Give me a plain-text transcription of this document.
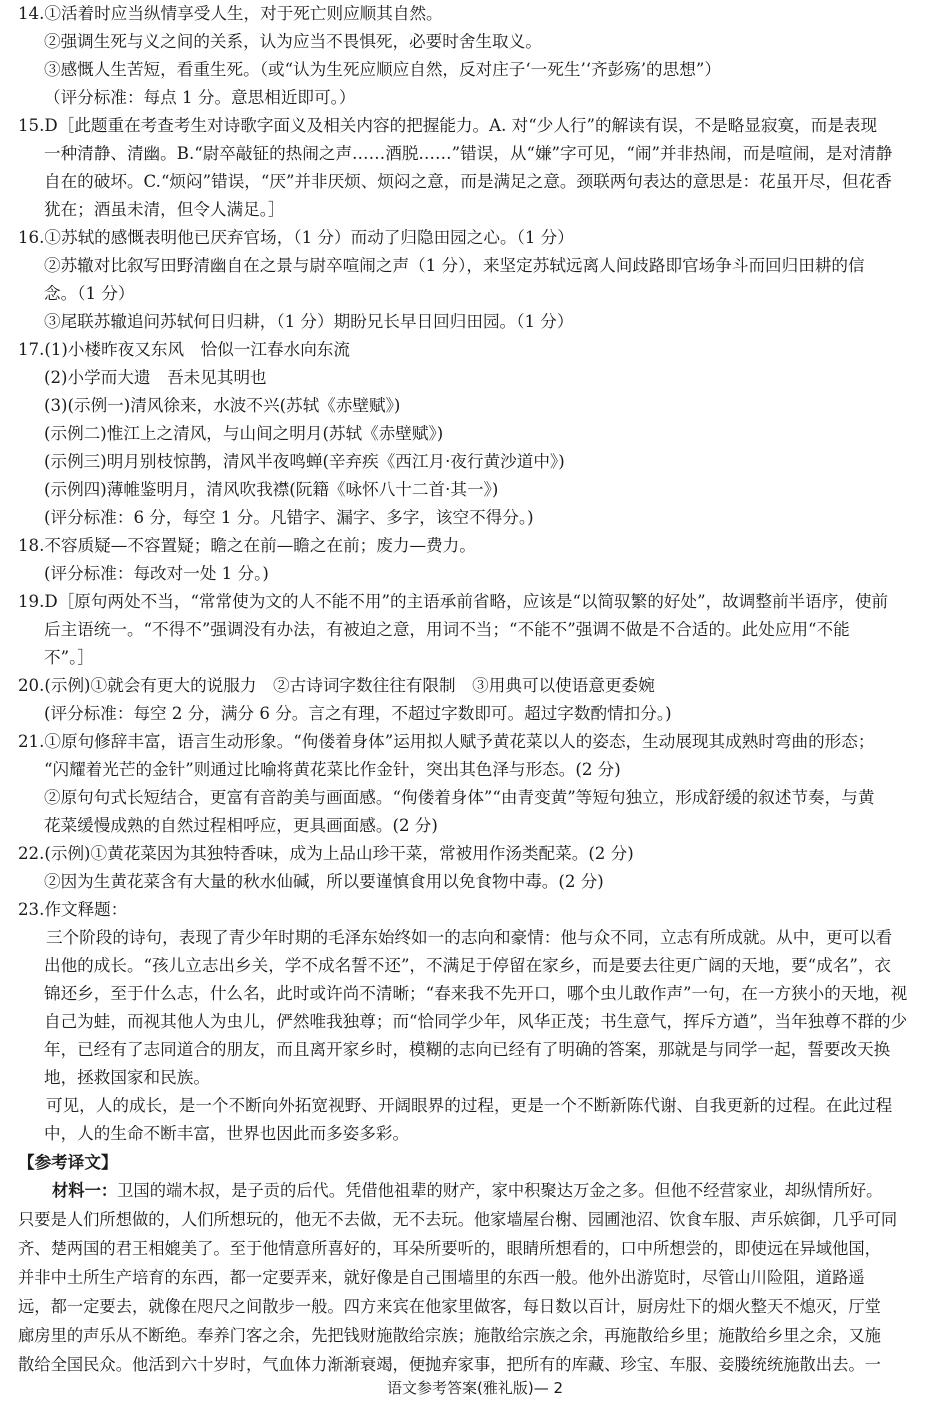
14.①活着时应当纵情享受人生，对于死亡则应顺其自然。
②强调生死与义之间的关系，认为应当不畏惧死，必要时舍生取义。
③感慨人生苦短，看重生死。（或“认为生死应顺应自然，反对庄子‘一死生’‘齐彭殇’的思想”）
（评分标准：每点 1 分。意思相近即可。）
15.D［此题重在考查考生对诗歌字面义及相关内容的把握能力。A. 对“少人行”的解读有误，不是略显寂寞，而是表现
一种清静、清幽。B.“尉卒敲钲的热闹之声……酒脱……”错误，从“嫌”字可见，“闹”并非热闹，而是喧闹，是对清静
自在的破坏。C.“烦闷”错误，“厌”并非厌烦、烦闷之意，而是满足之意。颈联两句表达的意思是：花虽开尽，但花香
犹在；酒虽未清，但令人满足。］
16.①苏轼的感慨表明他已厌弃官场，（1 分）而动了归隐田园之心。（1 分）
②苏辙对比叙写田野清幽自在之景与尉卒喧闹之声（1 分），来坚定苏轼远离人间歧路即官场争斗而回归田耕的信
念。（1 分）
③尾联苏辙追问苏轼何日归耕，（1 分）期盼兄长早日回归田园。（1 分）
17.(1)小楼昨夜又东风　恰似一江春水向东流
(2)小学而大遗　吾未见其明也
(3)(示例一)清风徐来，水波不兴(苏轼《赤壁赋》)
(示例二)惟江上之清风，与山间之明月(苏轼《赤壁赋》)
(示例三)明月别枝惊鹊，清风半夜鸣蝉(辛弃疾《西江月·夜行黄沙道中》)
(示例四)薄帷鉴明月，清风吹我襟(阮籍《咏怀八十二首·其一》)
(评分标准：6 分，每空 1 分。凡错字、漏字、多字，该空不得分。)
18.不容质疑—不容置疑；瞻之在前—瞻之在前；废力—费力。
(评分标准：每改对一处 1 分。)
19.D［原句两处不当，“常常使为文的人不能不用”的主语承前省略，应该是“以简驭繁的好处”，故调整前半语序，使前
后主语统一。“不得不”强调没有办法，有被迫之意，用词不当；“不能不”强调不做是不合适的。此处应用“不能
不”。］
20.(示例)①就会有更大的说服力　②古诗词字数往往有限制　③用典可以使语意更委婉
(评分标准：每空 2 分，满分 6 分。言之有理，不超过字数即可。超过字数酌情扣分。)
21.①原句修辞丰富，语言生动形象。“佝偻着身体”运用拟人赋予黄花菜以人的姿态，生动展现其成熟时弯曲的形态；
“闪耀着光芒的金针”则通过比喻将黄花菜比作金针，突出其色泽与形态。(2 分)
②原句句式长短结合，更富有音韵美与画面感。“佝偻着身体”“由青变黄”等短句独立，形成舒缓的叙述节奏，与黄
花菜缓慢成熟的自然过程相呼应，更具画面感。(2 分)
22.(示例)①黄花菜因为其独特香味，成为上品山珍干菜，常被用作汤类配菜。(2 分)
②因为生黄花菜含有大量的秋水仙碱，所以要谨慎食用以免食物中毒。(2 分)
23.作文释题：
三个阶段的诗句，表现了青少年时期的毛泽东始终如一的志向和豪情：他与众不同，立志有所成就。从中，更可以看
出他的成长。“孩儿立志出乡关，学不成名誓不还”，不满足于停留在家乡，而是要去往更广阔的天地，要“成名”，衣
锦还乡，至于什么志，什么名，此时或许尚不清晰；“春来我不先开口，哪个虫儿敢作声”一句，在一方狭小的天地，视
自己为蛙，而视其他人为虫儿，俨然唯我独尊；而“恰同学少年，风华正茂；书生意气，挥斥方遒”，当年独尊不群的少
年，已经有了志同道合的朋友，而且离开家乡时，模糊的志向已经有了明确的答案，那就是与同学一起，誓要改天换
地，拯救国家和民族。
可见，人的成长，是一个不断向外拓宽视野、开阔眼界的过程，更是一个不断新陈代谢、自我更新的过程。在此过程
中，人的生命不断丰富，世界也因此而多姿多彩。
【参考译文】
材料一：卫国的端木叔，是子贡的后代。凭借他祖辈的财产，家中积聚达万金之多。但他不经营家业，却纵情所好。
只要是人们所想做的，人们所想玩的，他无不去做，无不去玩。他家墙屋台榭、园圃池沼、饮食车服、声乐嫔御，几乎可同
齐、楚两国的君王相媲美了。至于他情意所喜好的，耳朵所要听的，眼睛所想看的，口中所想尝的，即使远在异域他国，
并非中土所生产培育的东西，都一定要弄来，就好像是自己围墙里的东西一般。他外出游览时，尽管山川险阻，道路遥
远，都一定要去，就像在咫尺之间散步一般。四方来宾在他家里做客，每日数以百计，厨房灶下的烟火整天不熄灭，厅堂
廊房里的声乐从不断绝。奉养门客之余，先把钱财施散给宗族；施散给宗族之余，再施散给乡里；施散给乡里之余，又施
散给全国民众。他活到六十岁时，气血体力渐渐衰竭，便抛弃家事，把所有的库藏、珍宝、车服、妾媵统统施散出去。一
语文参考答案(雅礼版)— 2
